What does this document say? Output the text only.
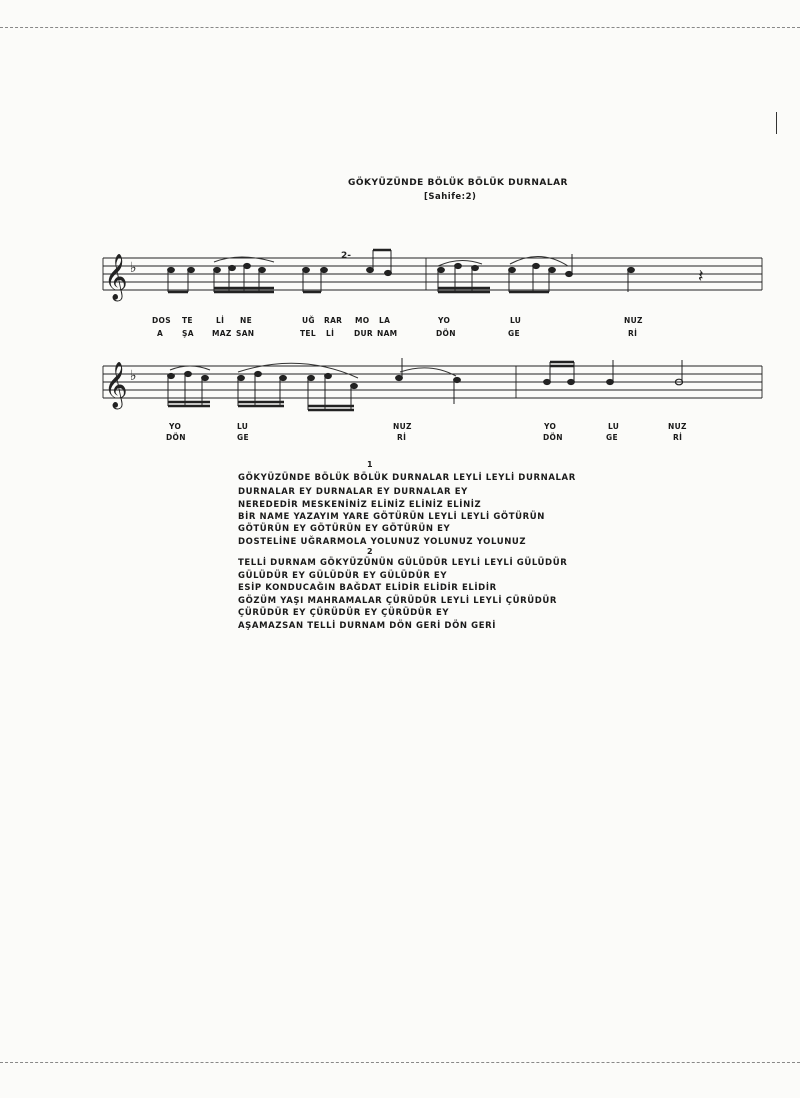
GÖKYÜZÜNDE BÖLÜK BÖLÜK DURNALAR
[Sahife:2)
𝄞 ♭
2-
𝄽
DOS TE	Lİ NE	UĞ RAR MO LA	YO	LU	NUZ
A	ŞA MAZ SAN	TEL Lİ	DUR NAM	DÖN	GE	Rİ
𝄞 ♭
YO	LU	NUZ	YO	LU	NUZ
DÖN	GE	Rİ	DÖN	GE	Rİ
1
GÖKYÜZÜNDE BÖLÜK BÖLÜK DURNALAR LEYLİ LEYLİ DURNALAR
DURNALAR EY DURNALAR EY DURNALAR EY
NEREDEDİR MESKENİNİZ ELİNİZ ELİNİZ ELİNİZ
BİR NAME YAZAYIM YARE GÖTÜRÜN LEYLİ LEYLİ GÖTÜRÜN
GÖTÜRÜN EY GÖTÜRÜN EY GÖTÜRÜN EY
DOSTELİNE UĞRARMOLA YOLUNUZ YOLUNUZ YOLUNUZ
2
TELLİ DURNAM GÖKYÜZÜNÜN GÜLÜDÜR LEYLİ LEYLİ GÜLÜDÜR
GÜLÜDÜR EY GÜLÜDÜR EY GÜLÜDÜR EY
ESİP KONDUCAĞIN BAĞDAT ELİDİR ELİDİR ELİDİR
GÖZÜM YAŞI MAHRAMALAR ÇÜRÜDÜR LEYLİ LEYLİ ÇÜRÜDÜR
ÇÜRÜDÜR EY ÇÜRÜDÜR EY ÇÜRÜDÜR EY
AŞAMAZSAN TELLİ DURNAM DÖN GERİ DÖN GERİ
